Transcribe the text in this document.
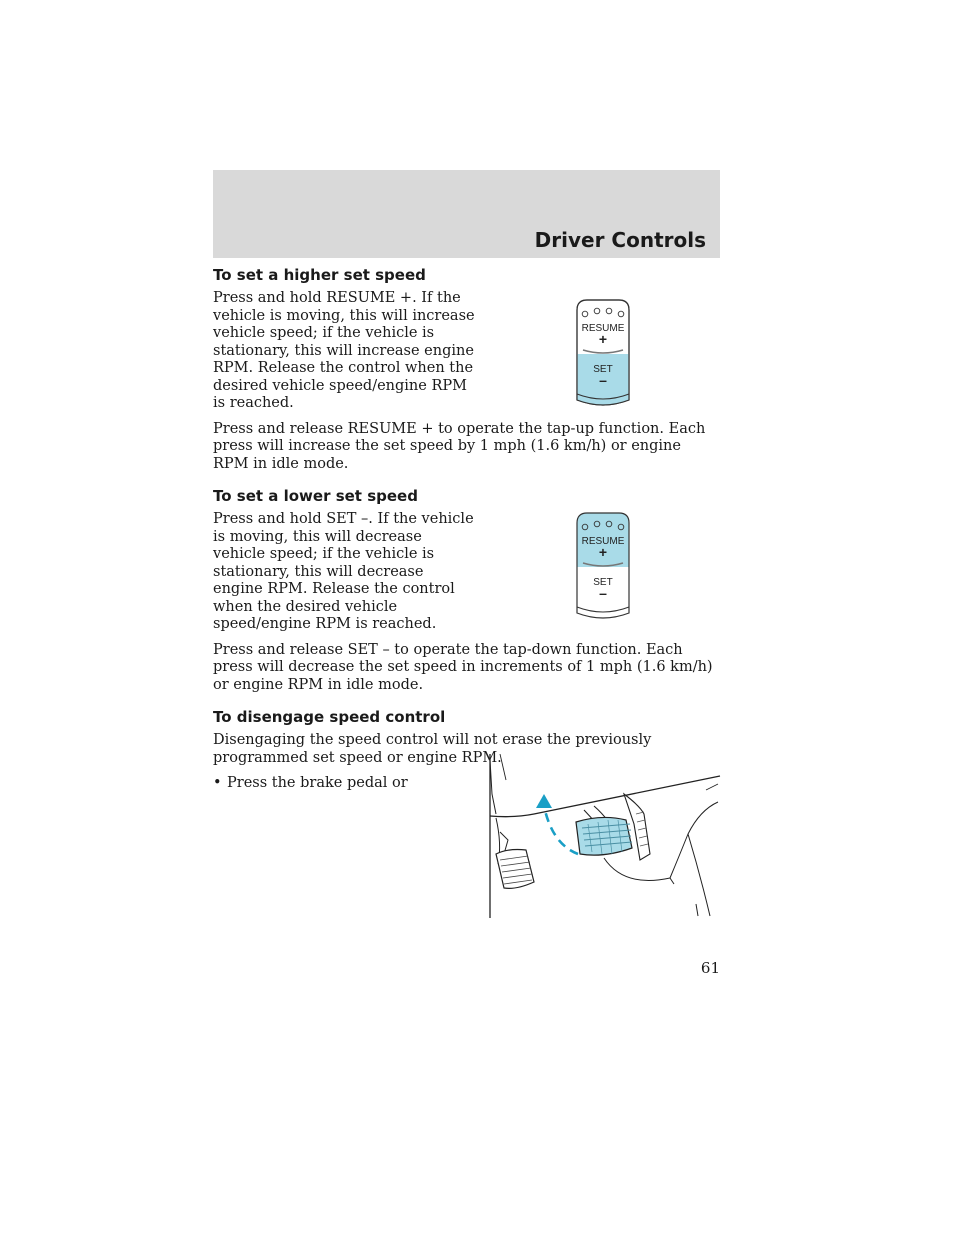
Driver Controls
To set a higher set speed

Press and hold RESUME +. If the vehicle is moving, this will increase vehicle speed; if the vehicle is stationary, this will increase engine RPM. Release the control when the desired vehicle speed/engine RPM is reached.

Press and release RESUME + to operate the tap-up function. Each press will increase the set speed by 1 mph (1.6 km/h) or engine RPM in idle mode.

RESUME
+
SET
–
To set a lower set speed

Press and hold SET –. If the vehicle is moving, this will decrease vehicle speed; if the vehicle is stationary, this will decrease engine RPM. Release the control when the desired vehicle speed/engine RPM is reached.

Press and release SET – to operate the tap-down function. Each press will decrease the set speed in increments of 1 mph (1.6 km/h) or engine RPM in idle mode.

RESUME
+
SET
–
To disengage speed control

Disengaging the speed control will not erase the previously programmed set speed or engine RPM.

• Press the brake pedal or

61
